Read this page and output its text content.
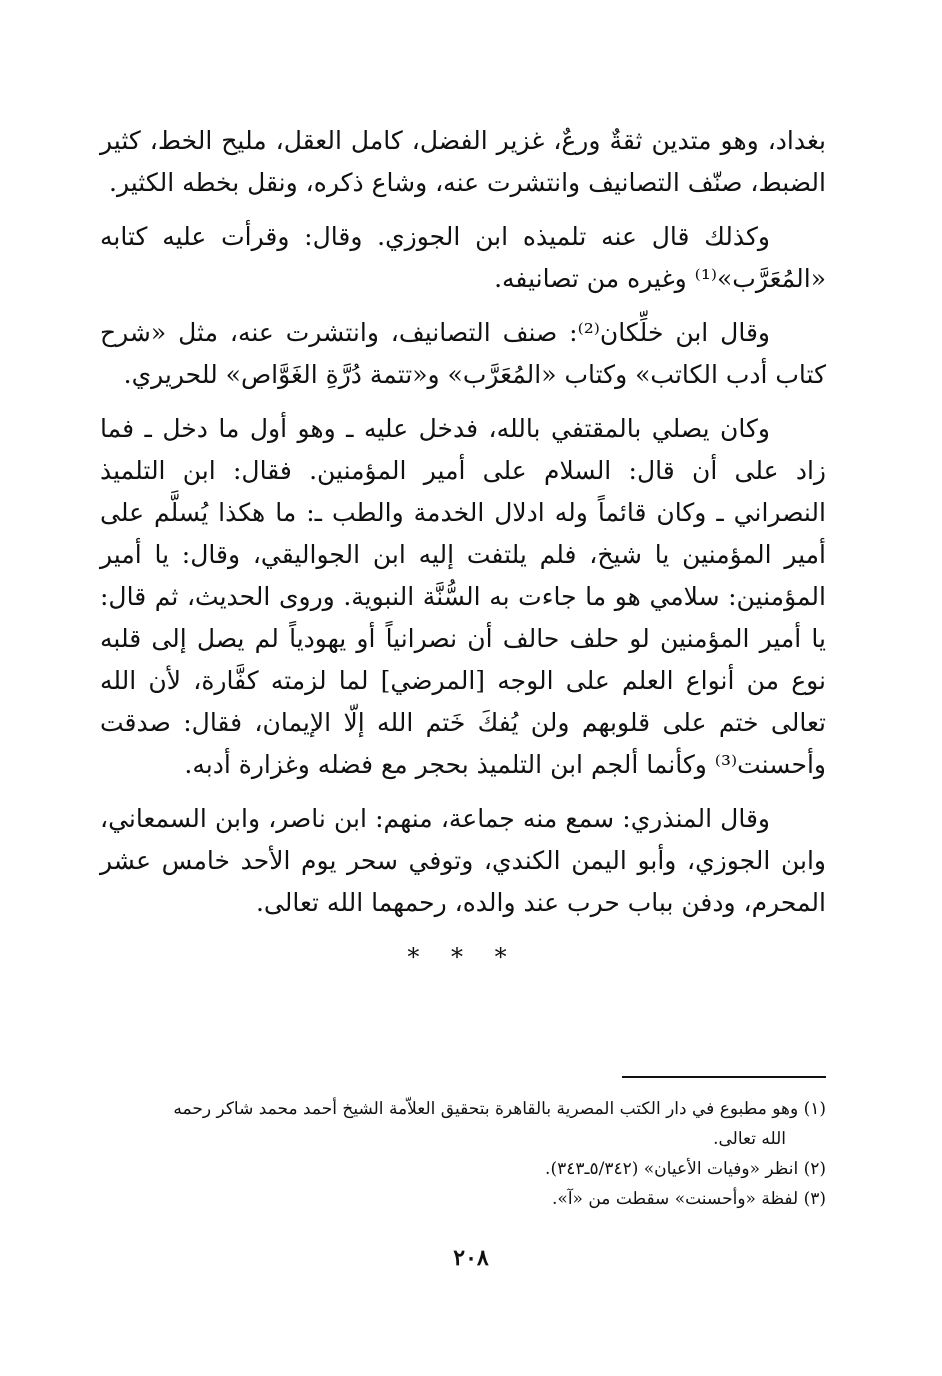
بغداد، وهو متدين ثقةٌ ورعٌ، غزير الفضل، كامل العقل، مليح الخط، كثير الضبط، صنّف التصانيف وانتشرت عنه، وشاع ذكره، ونقل بخطه الكثير.

وكذلك قال عنه تلميذه ابن الجوزي. وقال: وقرأت عليه كتابه «المُعَرَّب»⁽¹⁾ وغيره من تصانيفه.

وقال ابن خلِّكان⁽²⁾: صنف التصانيف، وانتشرت عنه، مثل «شرح كتاب أدب الكاتب» وكتاب «المُعَرَّب» و«تتمة دُرَّةِ الغَوَّاص» للحريري.

وكان يصلي بالمقتفي بالله، فدخل عليه ـ وهو أول ما دخل ـ فما زاد على أن قال: السلام على أمير المؤمنين. فقال: ابن التلميذ النصراني ـ وكان قائماً وله ادلال الخدمة والطب ـ: ما هكذا يُسلَّم على أمير المؤمنين يا شيخ، فلم يلتفت إليه ابن الجواليقي، وقال: يا أمير المؤمنين: سلامي هو ما جاءت به السُّنَّة النبوية. وروى الحديث، ثم قال: يا أمير المؤمنين لو حلف حالف أن نصرانياً أو يهودياً لم يصل إلى قلبه نوع من أنواع العلم على الوجه [المرضي] لما لزمته كفَّارة، لأن الله تعالى ختم على قلوبهم ولن يُفكَ خَتم الله إلّا الإيمان، فقال: صدقت وأحسنت⁽³⁾ وكأنما ألجم ابن التلميذ بحجر مع فضله وغزارة أدبه.

وقال المنذري: سمع منه جماعة، منهم: ابن ناصر، وابن السمعاني، وابن الجوزي، وأبو اليمن الكندي، وتوفي سحر يوم الأحد خامس عشر المحرم، ودفن بباب حرب عند والده، رحمهما الله تعالى.

* * *

(١) وهو مطبوع في دار الكتب المصرية بالقاهرة بتحقيق العلاّمة الشيخ أحمد محمد شاكر رحمه
الله تعالى.

(٢) انظر «وفيات الأعيان» (٥/٣٤٢ـ٣٤٣).

(٣) لفظة «وأحسنت» سقطت من «آ».

٢٠٨
